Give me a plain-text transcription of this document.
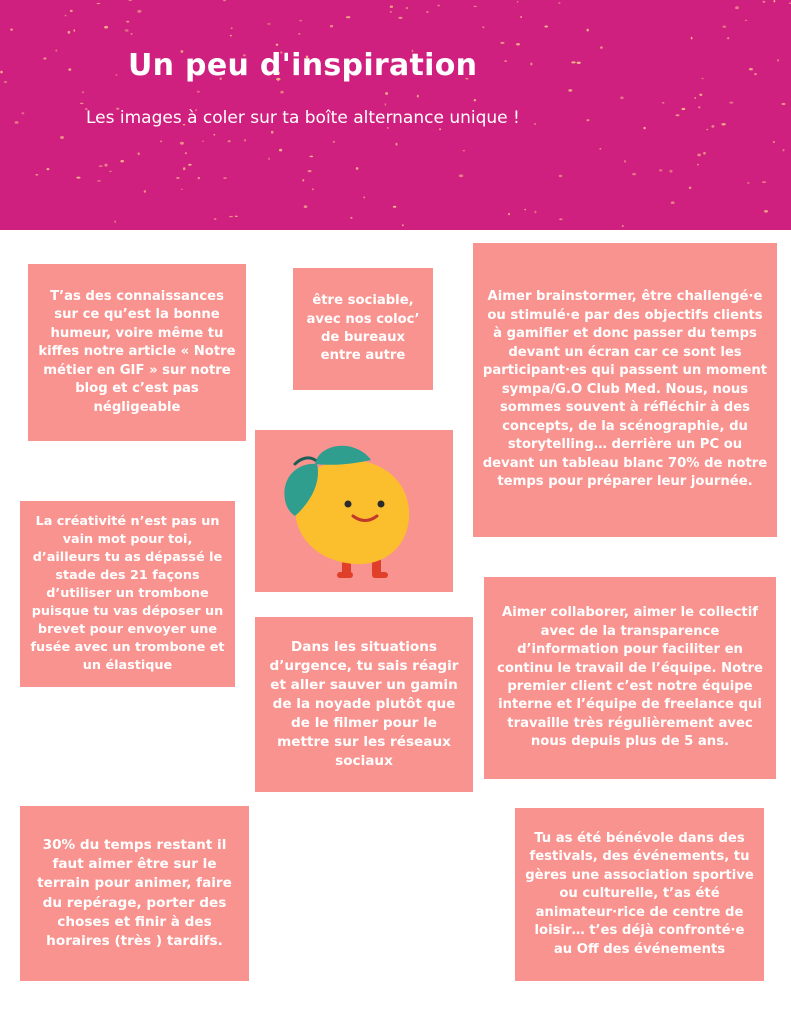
Un peu d'inspiration
Les images à coler sur ta boîte alternance unique !
T’as des connaissances sur ce qu’est la bonne humeur, voire même tu kiffes notre article « Notre métier en GIF » sur notre blog et c’est pas négligeable
être sociable, avec nos coloc’ de bureaux entre autre
Aimer brainstormer, être challengé·e ou stimulé·e par des objectifs clients à gamifier et donc passer du temps devant un écran car ce sont les participant·es qui passent un moment sympa/G.O Club Med. Nous, nous sommes souvent à réfléchir à des concepts, de la scénographie, du storytelling… derrière un PC ou devant un tableau blanc 70% de notre temps pour préparer leur journée.
La créativité n’est pas un vain mot pour toi, d’ailleurs tu as dépassé le stade des 21 façons d’utiliser un trombone puisque tu vas déposer un brevet pour envoyer une fusée avec un trombone et un élastique
Dans les situations d’urgence, tu sais réagir et aller sauver un gamin de la noyade plutôt que de le filmer pour le mettre sur les réseaux sociaux
Aimer collaborer, aimer le collectif avec de la transparence d’information pour faciliter en continu le travail de l’équipe. Notre premier client c’est notre équipe interne et l’équipe de freelance qui travaille très régulièrement avec nous depuis plus de 5 ans.
30% du temps restant il faut aimer être sur le terrain pour animer, faire du repérage, porter des choses et finir à des horaires (très ) tardifs.
Tu as été bénévole dans des festivals, des événements, tu gères une association sportive ou culturelle, t’as été animateur·rice de centre de loisir… t’es déjà confronté·e au Off des événements
